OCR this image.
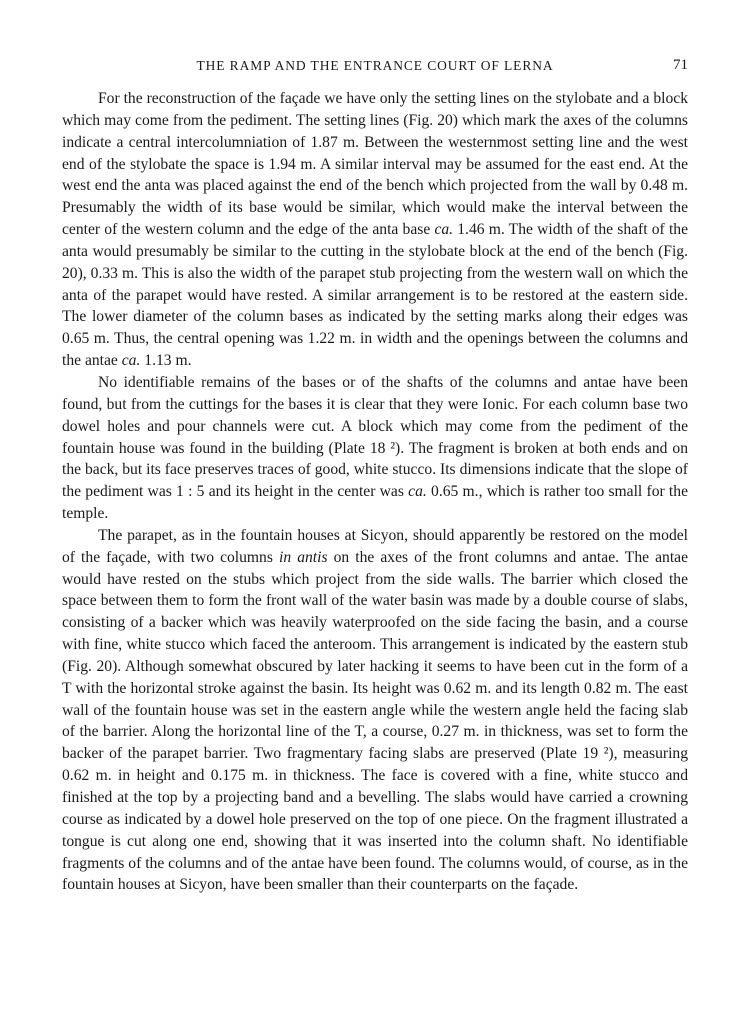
THE RAMP AND THE ENTRANCE COURT OF LERNA	71

For the reconstruction of the façade we have only the setting lines on the stylobate and a block which may come from the pediment. The setting lines (Fig. 20) which mark the axes of the columns indicate a central intercolumniation of 1.87 m. Between the westernmost setting line and the west end of the stylobate the space is 1.94 m. A similar interval may be assumed for the east end. At the west end the anta was placed against the end of the bench which projected from the wall by 0.48 m. Presumably the width of its base would be similar, which would make the interval between the center of the western column and the edge of the anta base ca. 1.46 m. The width of the shaft of the anta would presumably be similar to the cutting in the stylobate block at the end of the bench (Fig. 20), 0.33 m. This is also the width of the parapet stub projecting from the western wall on which the anta of the parapet would have rested. A similar arrangement is to be restored at the eastern side. The lower diameter of the column bases as indicated by the setting marks along their edges was 0.65 m. Thus, the central opening was 1.22 m. in width and the openings between the columns and the antae ca. 1.13 m.

No identifiable remains of the bases or of the shafts of the columns and antae have been found, but from the cuttings for the bases it is clear that they were Ionic. For each column base two dowel holes and pour channels were cut. A block which may come from the pediment of the fountain house was found in the building (Plate 18 ²). The fragment is broken at both ends and on the back, but its face preserves traces of good, white stucco. Its dimensions indicate that the slope of the pediment was 1 : 5 and its height in the center was ca. 0.65 m., which is rather too small for the temple.

The parapet, as in the fountain houses at Sicyon, should apparently be restored on the model of the façade, with two columns in antis on the axes of the front columns and antae. The antae would have rested on the stubs which project from the side walls. The barrier which closed the space between them to form the front wall of the water basin was made by a double course of slabs, consisting of a backer which was heavily waterproofed on the side facing the basin, and a course with fine, white stucco which faced the anteroom. This arrangement is indicated by the eastern stub (Fig. 20). Although somewhat obscured by later hacking it seems to have been cut in the form of a T with the horizontal stroke against the basin. Its height was 0.62 m. and its length 0.82 m. The east wall of the fountain house was set in the eastern angle while the western angle held the facing slab of the barrier. Along the horizontal line of the T, a course, 0.27 m. in thickness, was set to form the backer of the parapet barrier. Two fragmentary facing slabs are preserved (Plate 19 ²), measuring 0.62 m. in height and 0.175 m. in thickness. The face is covered with a fine, white stucco and finished at the top by a projecting band and a bevelling. The slabs would have carried a crowning course as indicated by a dowel hole preserved on the top of one piece. On the fragment illustrated a tongue is cut along one end, showing that it was inserted into the column shaft. No identifiable fragments of the columns and of the antae have been found. The columns would, of course, as in the fountain houses at Sicyon, have been smaller than their counterparts on the façade.
